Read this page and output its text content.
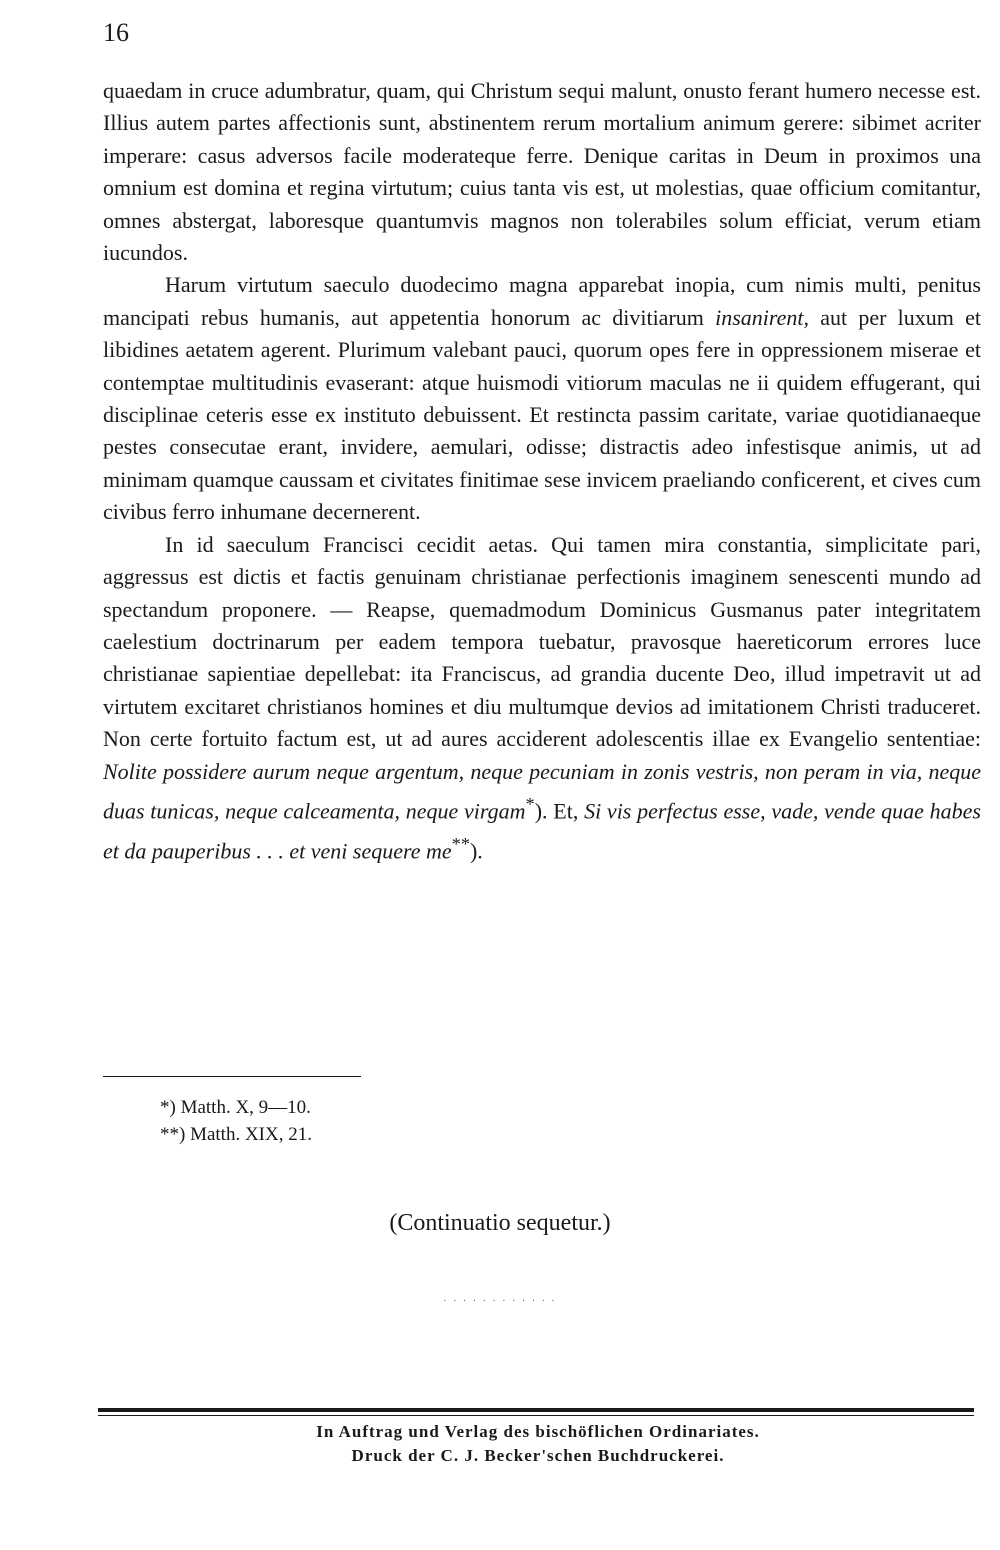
16

quaedam in cruce adumbratur, quam, qui Christum sequi malunt, onusto ferant humero necesse est. Illius autem partes affectionis sunt, abstinentem rerum mortalium animum gerere: sibimet acriter imperare: casus adversos facile moderateque ferre. Denique caritas in Deum in proximos una omnium est domina et regina virtutum; cuius tanta vis est, ut molestias, quae officium comitantur, omnes abstergat, laboresque quantumvis magnos non tolerabiles solum efficiat, verum etiam iucundos.

Harum virtutum saeculo duodecimo magna apparebat inopia, cum nimis multi, penitus mancipati rebus humanis, aut appetentia honorum ac divitiarum insanirent, aut per luxum et libidines aetatem agerent. Plurimum valebant pauci, quorum opes fere in oppressionem miserae et contemptae multitudinis evaserant: atque huismodi vitiorum maculas ne ii quidem effugerant, qui disciplinae ceteris esse ex instituto debuissent. Et restincta passim caritate, variae quotidianaeque pestes consecutae erant, invidere, aemulari, odisse; distractis adeo infestisque animis, ut ad minimam quamque caussam et civitates finitimae sese invicem praeliando conficerent, et cives cum civibus ferro inhumane decernerent.

In id saeculum Francisci cecidit aetas. Qui tamen mira constantia, simplicitate pari, aggressus est dictis et factis genuinam christianae perfectionis imaginem senescenti mundo ad spectandum proponere. — Reapse, quemadmodum Dominicus Gusmanus pater integritatem caelestium doctrinarum per eadem tempora tuebatur, pravosque haereticorum errores luce christianae sapientiae depellebat: ita Franciscus, ad grandia ducente Deo, illud impetravit ut ad virtutem excitaret christianos homines et diu multumque devios ad imitationem Christi traduceret. Non certe fortuito factum est, ut ad aures acciderent adolescentis illae ex Evangelio sententiae: Nolite possidere aurum neque argentum, neque pecuniam in zonis vestris, non peram in via, neque duas tunicas, neque calceamenta, neque virgam*). Et, Si vis perfectus esse, vade, vende quae habes et da pauperibus . . . et veni sequere me**).

*) Matth. X, 9—10.
**) Matth. XIX, 21.
(Continuatio sequetur.)
· · · · · · · · · · · ·
In Auftrag und Verlag des bischöflichen Ordinariates.
Druck der C. J. Becker'schen Buchdruckerei.
